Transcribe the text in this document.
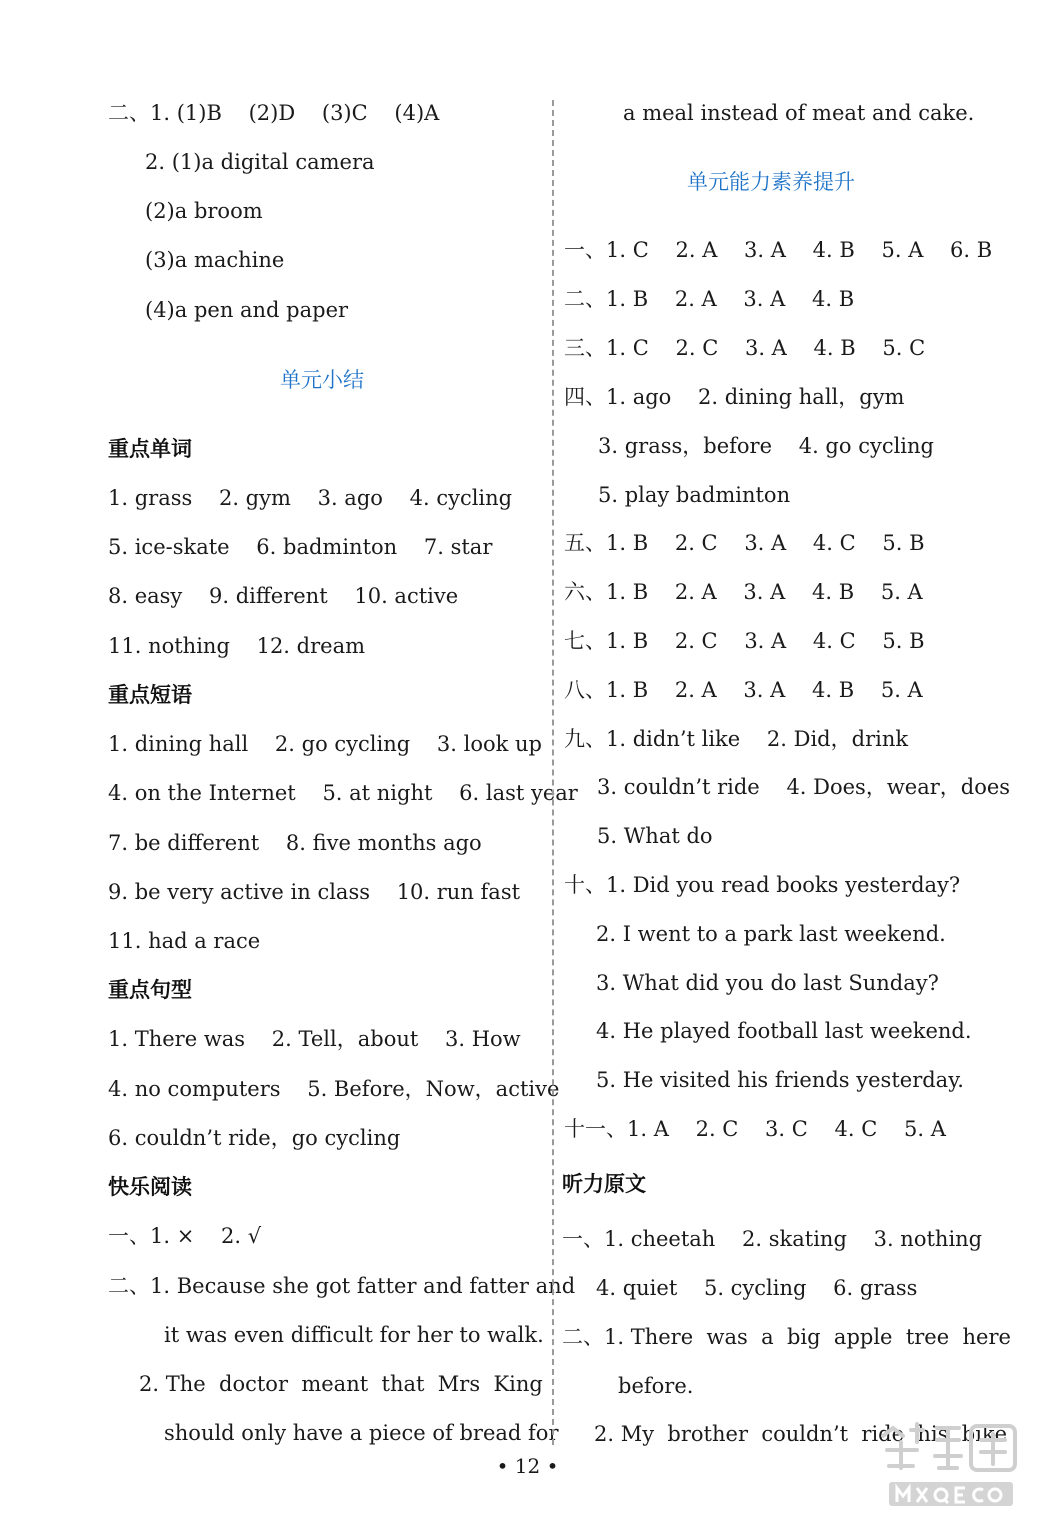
二、1. (1)B    (2)D    (3)C    (4)A
2. (1)a digital camera
(2)a broom
(3)a machine
(4)a pen and paper
单元小结
重点单词
1. grass    2. gym    3. ago    4. cycling
5. ice-skate    6. badminton    7. star
8. easy    9. different    10. active
11. nothing    12. dream
重点短语
1. dining hall    2. go cycling    3. look up
4. on the Internet    5. at night    6. last year
7. be different    8. five months ago
9. be very active in class    10. run fast
11. had a race
重点句型
1. There was    2. Tell，about    3. How
4. no computers    5. Before，Now，active
6. couldn’t ride，go cycling
快乐阅读
一、1. ×    2. √
二、1. Because she got fatter and fatter and
it was even difficult for her to walk.
2. The  doctor  meant  that  Mrs  King
should only have a piece of bread for
a meal instead of meat and cake.
单元能力素养提升
一、1. C    2. A    3. A    4. B    5. A    6. B
二、1. B    2. A    3. A    4. B
三、1. C    2. C    3. A    4. B    5. C
四、1. ago    2. dining hall，gym
3. grass，before    4. go cycling
5. play badminton
五、1. B    2. C    3. A    4. C    5. B
六、1. B    2. A    3. A    4. B    5. A
七、1. B    2. C    3. A    4. C    5. B
八、1. B    2. A    3. A    4. B    5. A
九、1. didn’t like    2. Did，drink
3. couldn’t ride    4. Does，wear，does
5. What do
十、1. Did you read books yesterday?
2. I went to a park last weekend.
3. What did you do last Sunday?
4. He played football last weekend.
5. He visited his friends yesterday.
十一、1. A    2. C    3. C    4. C    5. A
听力原文
一、1. cheetah    2. skating    3. nothing
4. quiet    5. cycling    6. grass
二、1. There  was  a  big  apple  tree  here
before.
2. My  brother  couldn’t  ride  his  bike
• 12 •
